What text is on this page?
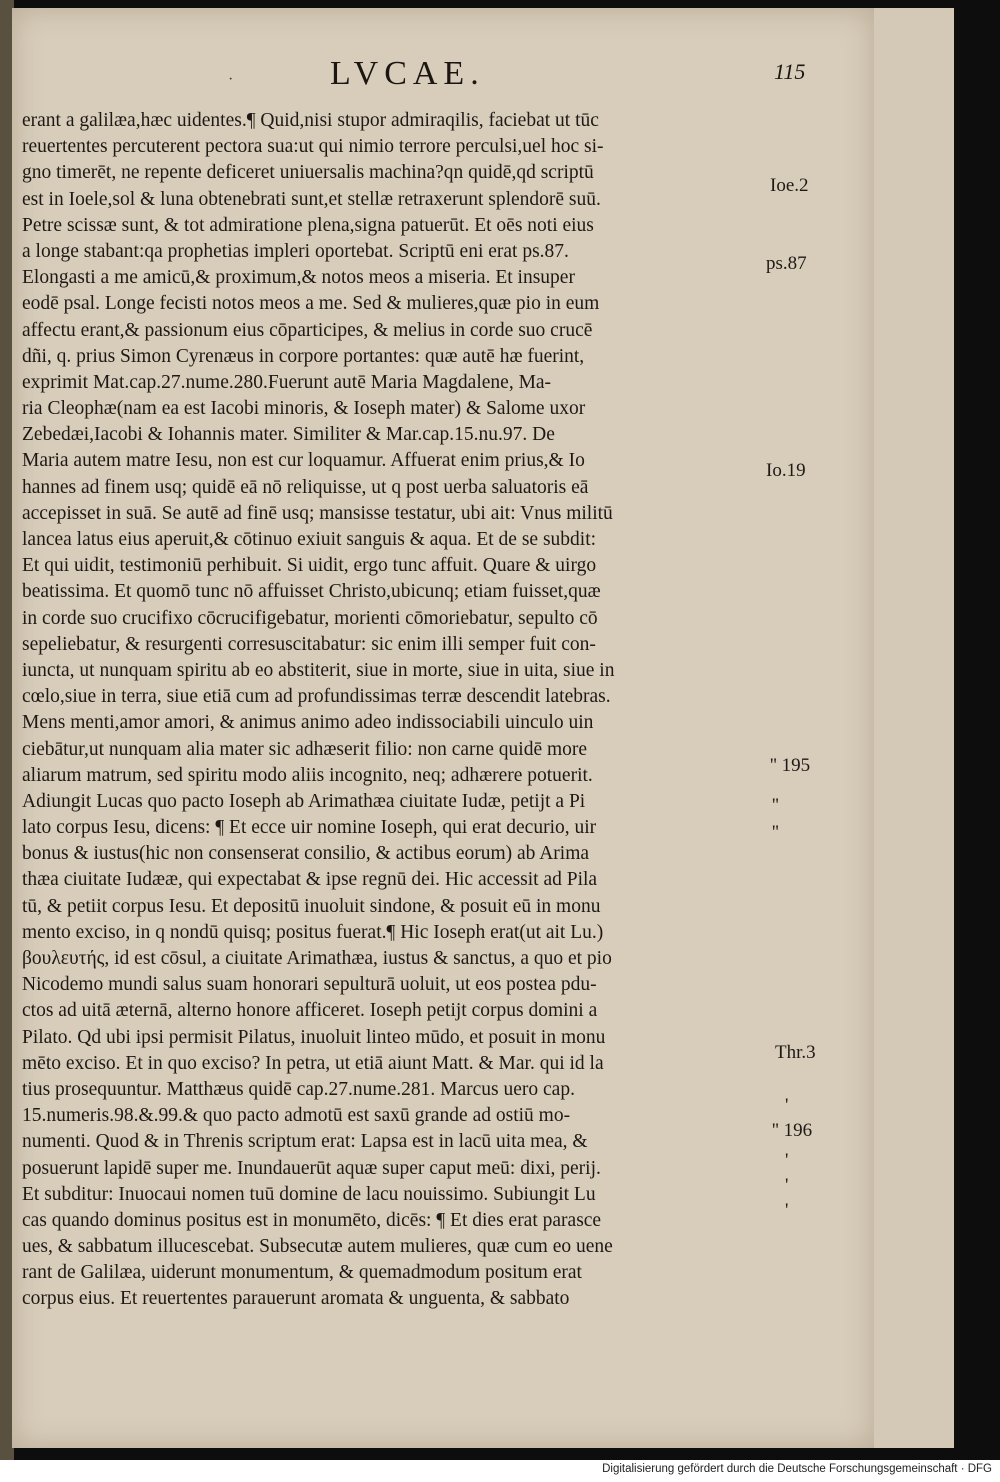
·	LVCAE.	115
erant a galilæa,hæc uidentes.¶ Quid,nisi stupor admiraqilis, faciebat ut tūc
reuertentes percuterent pectora sua:ut qui nimio terrore perculsi,uel hoc si-
gno timerēt, ne repente deficeret uniuersalis machina?qn quidē,qd scriptū
est in Ioele,sol & luna obtenebrati sunt,et stellæ retraxerunt splendorē suū.
Petre scissæ sunt, & tot admiratione plena,signa patuerūt. Et oēs noti eius
a longe stabant:qa prophetias impleri oportebat. Scriptū eni erat ps.87.
Elongasti a me amicū,& proximum,& notos meos a miseria. Et insuper
eodē psal. Longe fecisti notos meos a me. Sed & mulieres,quæ pio in eum
affectu erant,& passionum eius cōparticipes, & melius in corde suo crucē
dñi, q. prius Simon Cyrenæus in corpore portantes: quæ autē hæ fuerint,
exprimit Mat.cap.27.nume.280.Fuerunt autē Maria Magdalene, Ma-
ria Cleophæ(nam ea est Iacobi minoris, & Ioseph mater) & Salome uxor
Zebedæi,Iacobi & Iohannis mater. Similiter & Mar.cap.15.nu.97. De
Maria autem matre Iesu, non est cur loquamur. Affuerat enim prius,& Io
hannes ad finem usq; quidē eā nō reliquisse, ut q post uerba saluatoris eā
accepisset in suā. Se autē ad finē usq; mansisse testatur, ubi ait: Vnus militū
lancea latus eius aperuit,& cōtinuo exiuit sanguis & aqua. Et de se subdit:
Et qui uidit, testimoniū perhibuit. Si uidit, ergo tunc affuit. Quare & uirgo
beatissima. Et quomō tunc nō affuisset Christo,ubicunq; etiam fuisset,quæ
in corde suo crucifixo cōcrucifigebatur, morienti cōmoriebatur, sepulto cō
sepeliebatur, & resurgenti corresuscitabatur: sic enim illi semper fuit con-
iuncta, ut nunquam spiritu ab eo abstiterit, siue in morte, siue in uita, siue in
cœlo,siue in terra, siue etiā cum ad profundissimas terræ descendit latebras.
Mens menti,amor amori, & animus animo adeo indissociabili uinculo uin
ciebātur,ut nunquam alia mater sic adhæserit filio: non carne quidē more
aliarum matrum, sed spiritu modo aliis incognito, neq; adhærere potuerit.
Adiungit Lucas quo pacto Ioseph ab Arimathæa ciuitate Iudæ, petijt a Pi
lato corpus Iesu, dicens: ¶ Et ecce uir nomine Ioseph, qui erat decurio, uir
bonus & iustus(hic non consenserat consilio, & actibus eorum) ab Arima
thæa ciuitate Iudææ, qui expectabat & ipse regnū dei. Hic accessit ad Pila
tū, & petiit corpus Iesu. Et depositū inuoluit sindone, & posuit eū in monu
mento exciso, in q nondū quisq; positus fuerat.¶ Hic Ioseph erat(ut ait Lu.)
βουλευτής, id est cōsul, a ciuitate Arimathæa, iustus & sanctus, a quo et pio
Nicodemo mundi salus suam honorari sepulturā uoluit, ut eos postea pdu-
ctos ad uitā æternā, alterno honore afficeret. Ioseph petijt corpus domini a
Pilato. Qd ubi ipsi permisit Pilatus, inuoluit linteo mūdo, et posuit in monu
mēto exciso. Et in quo exciso? In petra, ut etiā aiunt Matt. & Mar. qui id la
tius prosequuntur. Matthæus quidē cap.27.nume.281. Marcus uero cap.
15.numeris.98.&.99.& quo pacto admotū est saxū grande ad ostiū mo-
numenti. Quod & in Threnis scriptum erat: Lapsa est in lacū uita mea, &
posuerunt lapidē super me. Inundauerūt aquæ super caput meū: dixi, perij.
Et subditur: Inuocaui nomen tuū domine de lacu nouissimo. Subiungit Lu
cas quando dominus positus est in monumēto, dicēs: ¶ Et dies erat parasce
ues, & sabbatum illucescebat. Subsecutæ autem mulieres, quæ cum eo uene
rant de Galilæa, uiderunt monumentum, & quemadmodum positum erat
corpus eius. Et reuertentes parauerunt aromata & unguenta, & sabbato
Ioe.2
ps.87
Io.19
'' 195
''
''
Thr.3
'
'' 196
'
'
'
Digitalisierung gefördert durch die Deutsche Forschungsgemeinschaft · DFG
